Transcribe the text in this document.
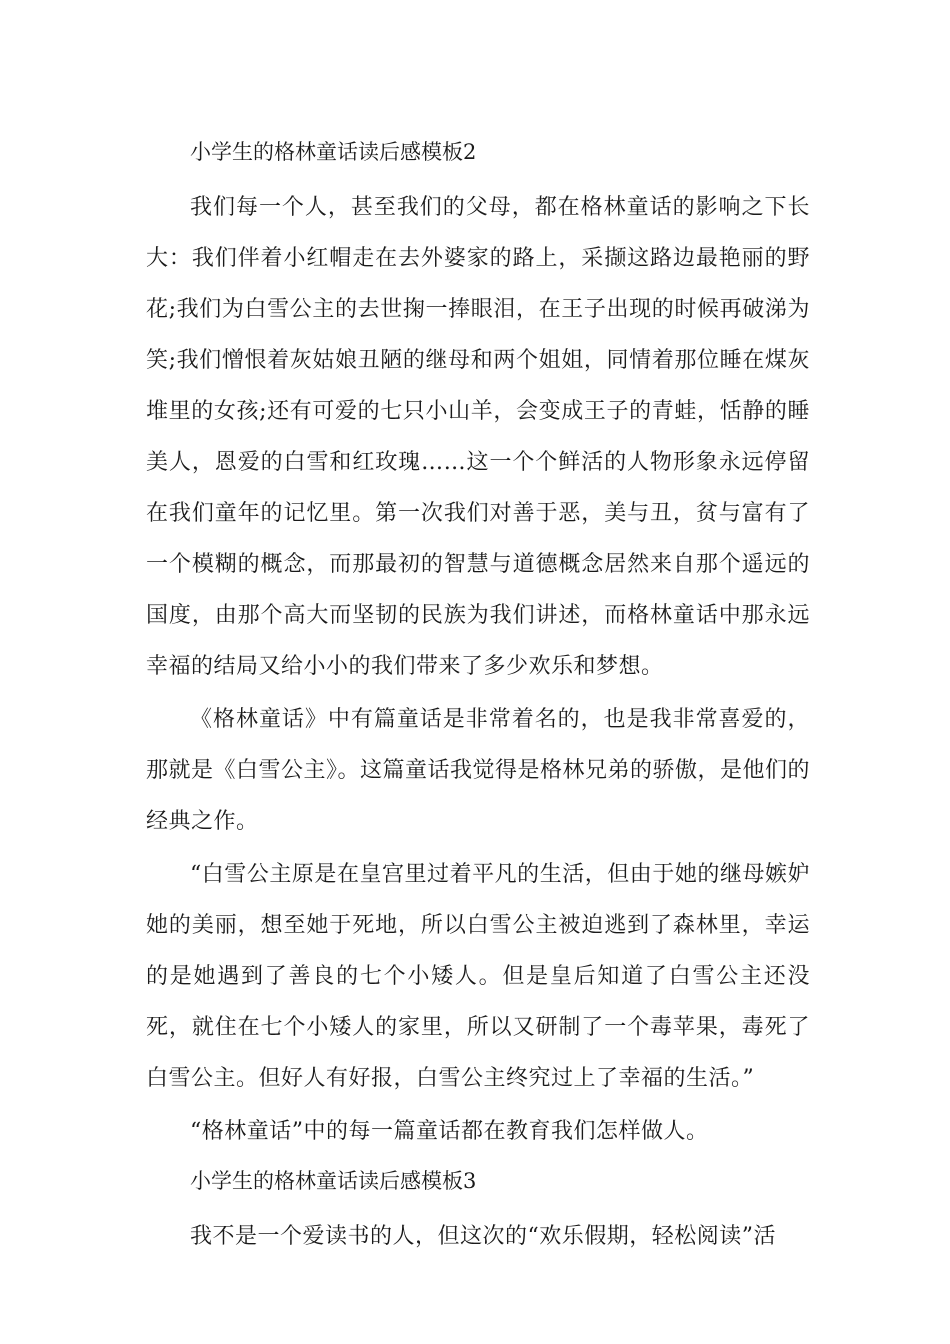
小学生的格林童话读后感模板2

我们每一个人，甚至我们的父母，都在格林童话的影响之下长大：我们伴着小红帽走在去外婆家的路上，采撷这路边最艳丽的野花;我们为白雪公主的去世掬一捧眼泪，在王子出现的时候再破涕为笑;我们憎恨着灰姑娘丑陋的继母和两个姐姐，同情着那位睡在煤灰堆里的女孩;还有可爱的七只小山羊，会变成王子的青蛙，恬静的睡美人，恩爱的白雪和红玫瑰……这一个个鲜活的人物形象永远停留在我们童年的记忆里。第一次我们对善于恶，美与丑，贫与富有了一个模糊的概念，而那最初的智慧与道德概念居然来自那个遥远的国度，由那个高大而坚韧的民族为我们讲述，而格林童话中那永远幸福的结局又给小小的我们带来了多少欢乐和梦想。

《格林童话》中有篇童话是非常着名的，也是我非常喜爱的，那就是《白雪公主》。这篇童话我觉得是格林兄弟的骄傲，是他们的经典之作。

“白雪公主原是在皇宫里过着平凡的生活，但由于她的继母嫉妒她的美丽，想至她于死地，所以白雪公主被迫逃到了森林里，幸运的是她遇到了善良的七个小矮人。但是皇后知道了白雪公主还没死，就住在七个小矮人的家里，所以又研制了一个毒苹果，毒死了白雪公主。但好人有好报，白雪公主终究过上了幸福的生活。”

“格林童话”中的每一篇童话都在教育我们怎样做人。

小学生的格林童话读后感模板3

我不是一个爱读书的人，但这次的“欢乐假期，轻松阅读”活
